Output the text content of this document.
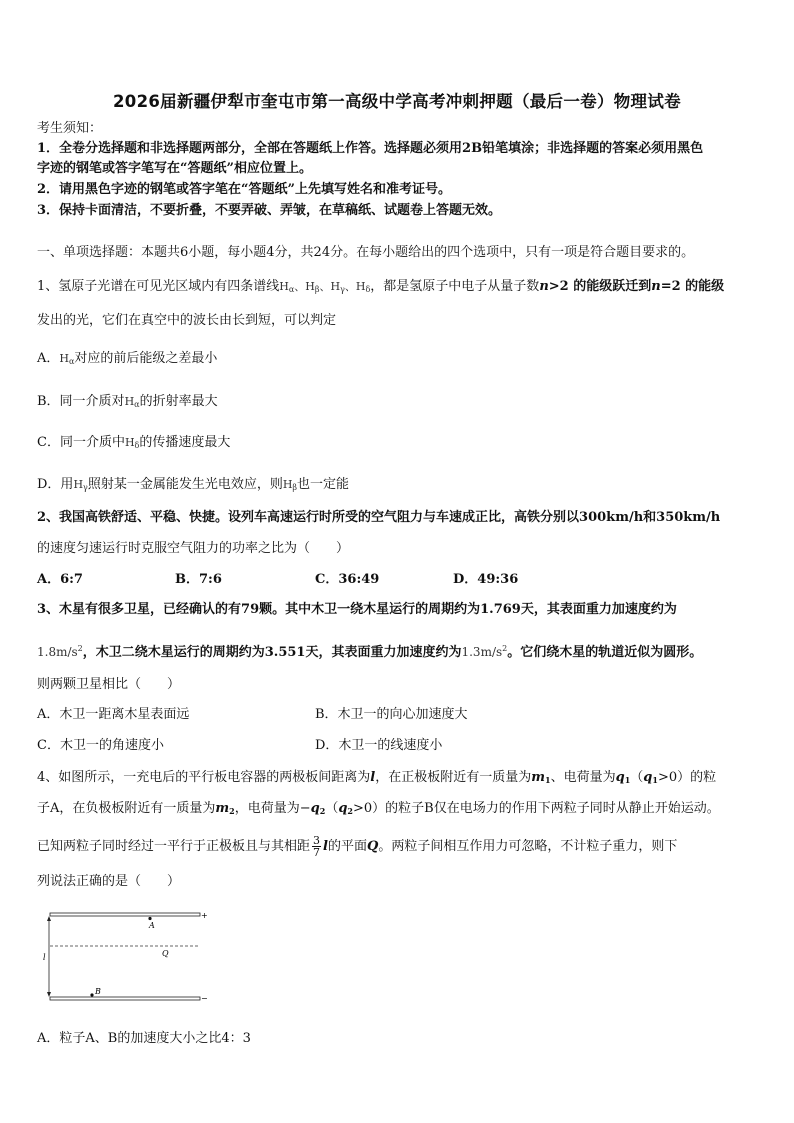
2026届新疆伊犁市奎屯市第一高级中学高考冲刺押题（最后一卷）物理试卷
考生须知：
1．全卷分选择题和非选择题两部分，全部在答题纸上作答。选择题必须用2B铅笔填涂；非选择题的答案必须用黑色
字迹的钢笔或答字笔写在“答题纸”相应位置上。
2．请用黑色字迹的钢笔或答字笔在“答题纸”上先填写姓名和准考证号。
3．保持卡面清洁，不要折叠，不要弄破、弄皱，在草稿纸、试题卷上答题无效。
一、单项选择题：本题共6小题，每小题4分，共24分。在每小题给出的四个选项中，只有一项是符合题目要求的。
1、氢原子光谱在可见光区域内有四条谱线$H_\alpha$、$H_\beta$、$H_\gamma$、$H_\delta$，都是氢原子中电子从量子数n>2 的能级跃迁到n=2 的能级
发出的光，它们在真空中的波长由长到短，可以判定
A．$H_\alpha$对应的前后能级之差最小
B．同一介质对$H_\alpha$的折射率最大
C．同一介质中$H_\delta$的传播速度最大
D．用$H_\gamma$照射某一金属能发生光电效应，则$H_\beta$也一定能
2、我国高铁舒适、平稳、快捷。设列车高速运行时所受的空气阻力与车速成正比，高铁分别以300km/h和350km/h
的速度匀速运行时克服空气阻力的功率之比为（　　）
A．6:7	B．7:6	C．36:49	D．49:36
3、木星有很多卫星，已经确认的有79颗。其中木卫一绕木星运行的周期约为1.769天，其表面重力加速度约为
$1.8m/s^2$，木卫二绕木星运行的周期约为3.551天，其表面重力加速度约为$1.3m/s^2$。它们绕木星的轨道近似为圆形。
则两颗卫星相比（　　）
A．木卫一距离木星表面远	B．木卫一的向心加速度大
C．木卫一的角速度小	D．木卫一的线速度小
4、如图所示，一充电后的平行板电容器的两极板间距离为l，在正极板附近有一质量为$m_1$、电荷量为$q_1(q_1>0)$的粒
子A，在负极板附近有一质量为$m_2$，电荷量为$-q_2(q_2>0)$的粒子B仅在电场力的作用下两粒子同时从静止开始运动。
已知两粒子同时经过一平行于正极板且与其相距 $\frac{3}{7}$ l的平面Q。两粒子间相互作用力可忽略，不计粒子重力，则下
列说法正确的是（　　）
l
A
B
Q
+
−
A．粒子A、B的加速度大小之比4：3
